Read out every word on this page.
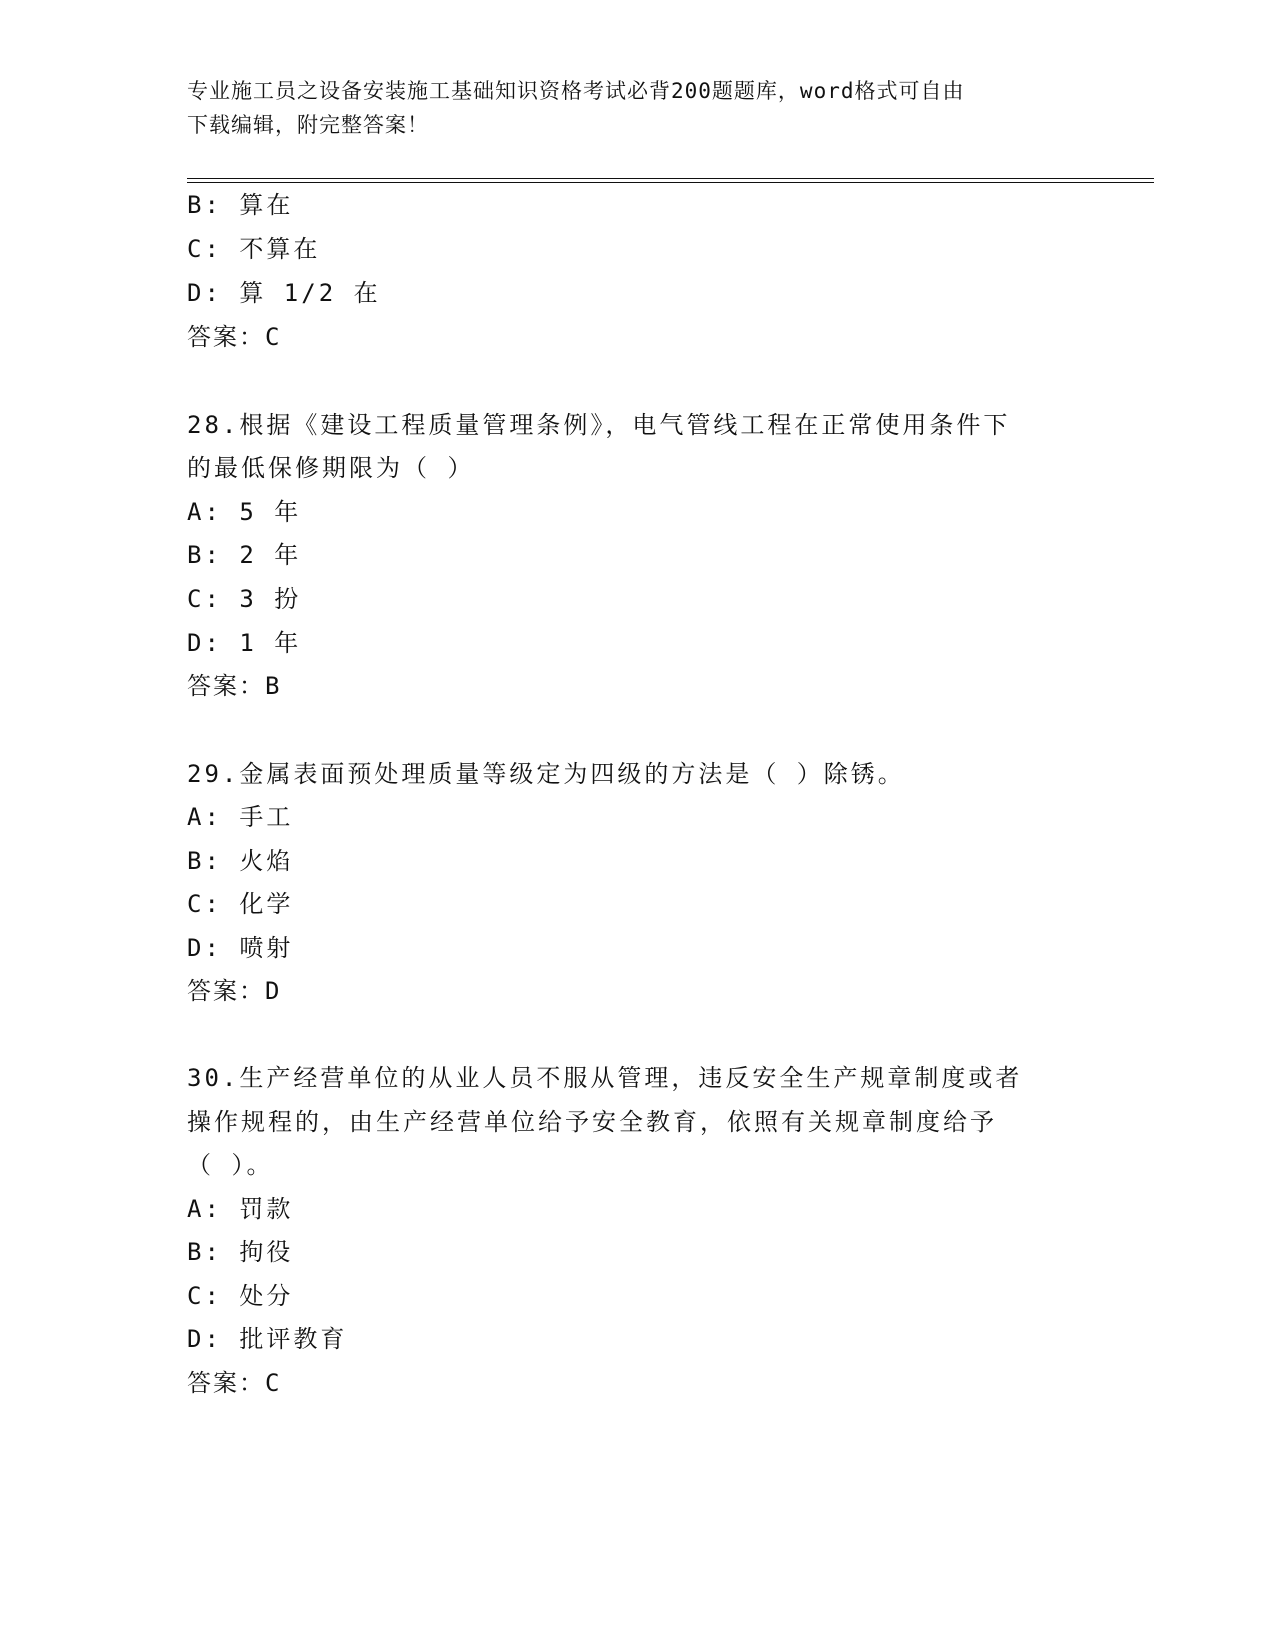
专业施工员之设备安装施工基础知识资格考试必背200题题库，word格式可自由
下载编辑，附完整答案！
B: 算在
C: 不算在
D: 算 1/2 在
答案：C
28.根据《建设工程质量管理条例》，电气管线工程在正常使用条件下
的最低保修期限为（ ）
A: 5 年
B: 2 年
C: 3 扮
D: 1 年
答案：B
29.金属表面预处理质量等级定为四级的方法是（ ）除锈。
A: 手工
B: 火焰
C: 化学
D: 喷射
答案：D
30.生产经营单位的从业人员不服从管理，违反安全生产规章制度或者
操作规程的，由生产经营单位给予安全教育，依照有关规章制度给予
（ ）。
A: 罚款
B: 拘役
C: 处分
D: 批评教育
答案：C
